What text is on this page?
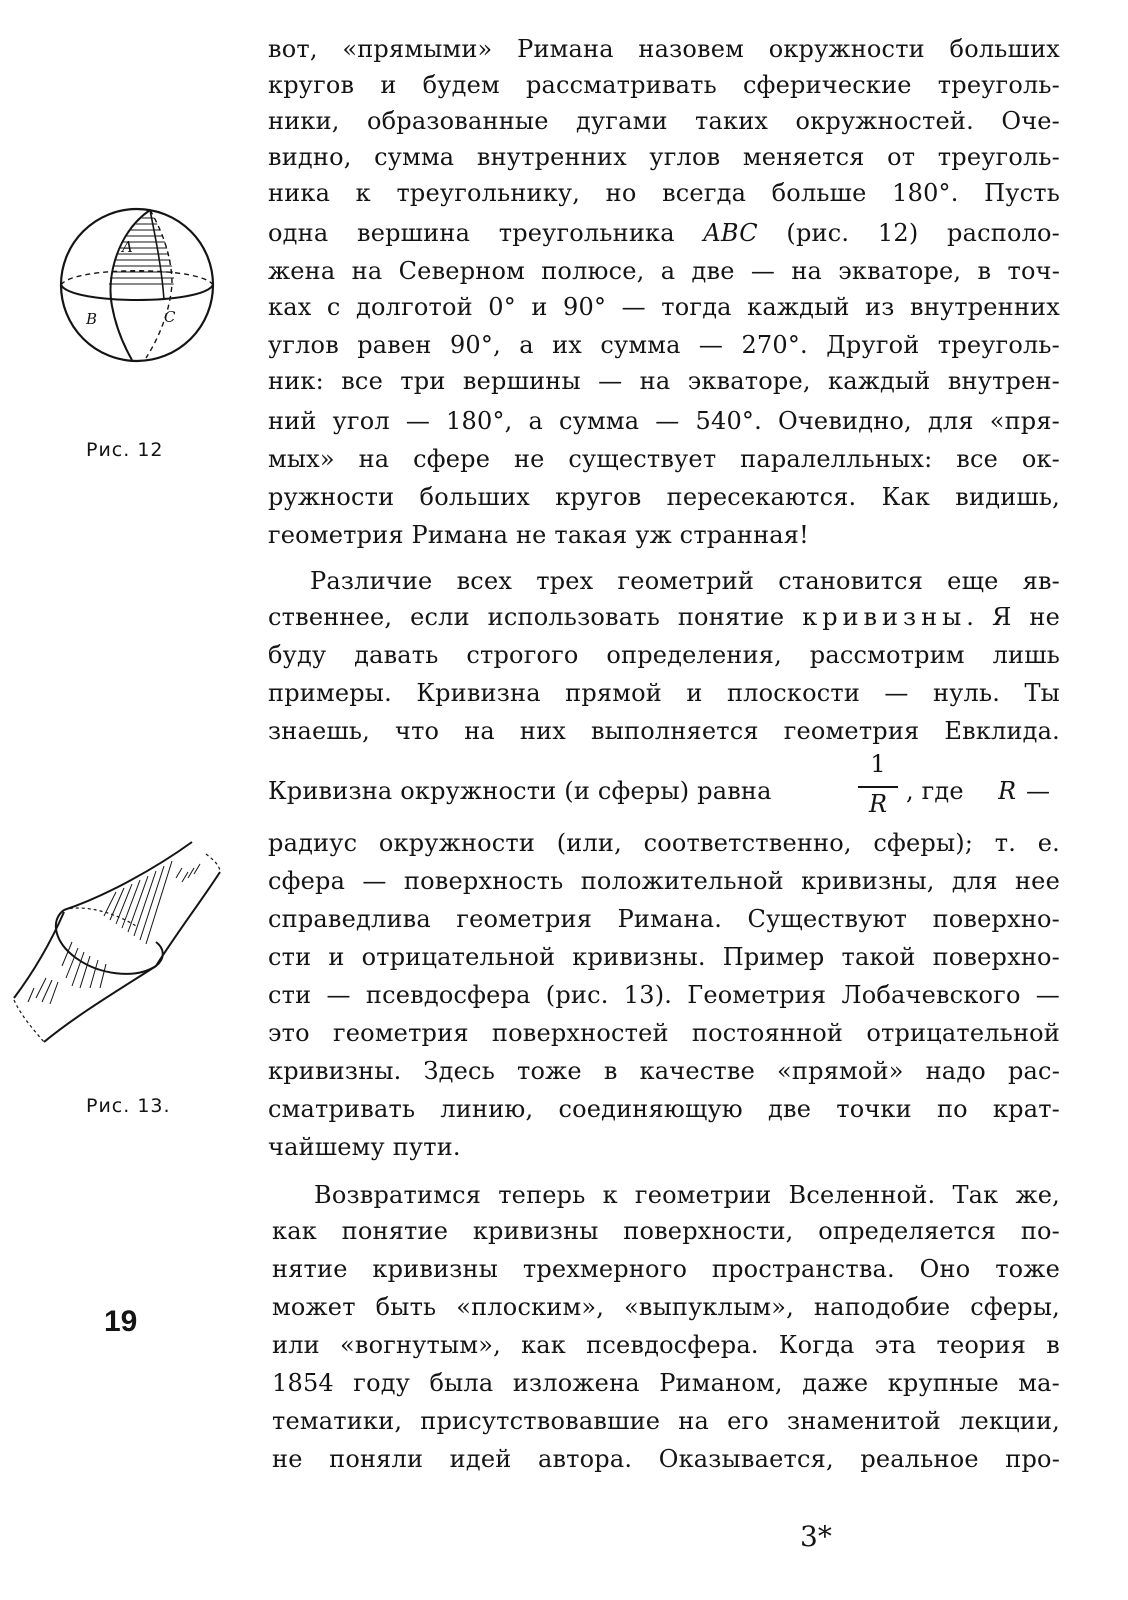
A
B	C
Рис. 12
Рис. 13.
19
вот, «прямыми» Римана назовем окружности больших
кругов и будем рассматривать сферические треуголь-
ники, образованные дугами таких окружностей. Оче-
видно, сумма внутренних углов меняется от треуголь-
ника к треугольнику, но всегда больше 180°. Пусть
одна вершина треугольника ABC (рис. 12) располо-
жена на Северном полюсе, а две — на экваторе, в точ-
ках с долготой 0° и 90° — тогда каждый из внутренних
углов равен 90°, а их сумма — 270°. Другой треуголь-
ник: все три вершины — на экваторе, каждый внутрен-
ний угол — 180°, а сумма — 540°. Очевидно, для «пря-
мых» на сфере не существует паралелльных: все ок-
ружности больших кругов пересекаются. Как видишь,
геометрия Римана не такая уж странная!
Различие всех трех геометрий становится еще яв-
ственнее, если использовать понятие кривизны. Я не
буду давать строгого определения, рассмотрим лишь
примеры. Кривизна прямой и плоскости — нуль. Ты
знаешь, что на них выполняется геометрия Евклида.
Кривизна окружности (и сферы) равна
1
R , где	R —
радиус окружности (или, соответственно, сферы); т. е.
сфера — поверхность положительной кривизны, для нее
справедлива геометрия Римана. Существуют поверхно-
сти и отрицательной кривизны. Пример такой поверхно-
сти — псевдосфера (рис. 13). Геометрия Лобачевского —
это геометрия поверхностей постоянной отрицательной
кривизны. Здесь тоже в качестве «прямой» надо рас-
сматривать линию, соединяющую две точки по крат-
чайшему пути.
Возвратимся теперь к геометрии Вселенной. Так же,
как понятие кривизны поверхности, определяется по-
нятие кривизны трехмерного пространства. Оно тоже
может быть «плоским», «выпуклым», наподобие сферы,
или «вогнутым», как псевдосфера. Когда эта теория в
1854 году была изложена Риманом, даже крупные ма-
тематики, присутствовавшие на его знаменитой лекции,
не поняли идей автора. Оказывается, реальное про-
3*
